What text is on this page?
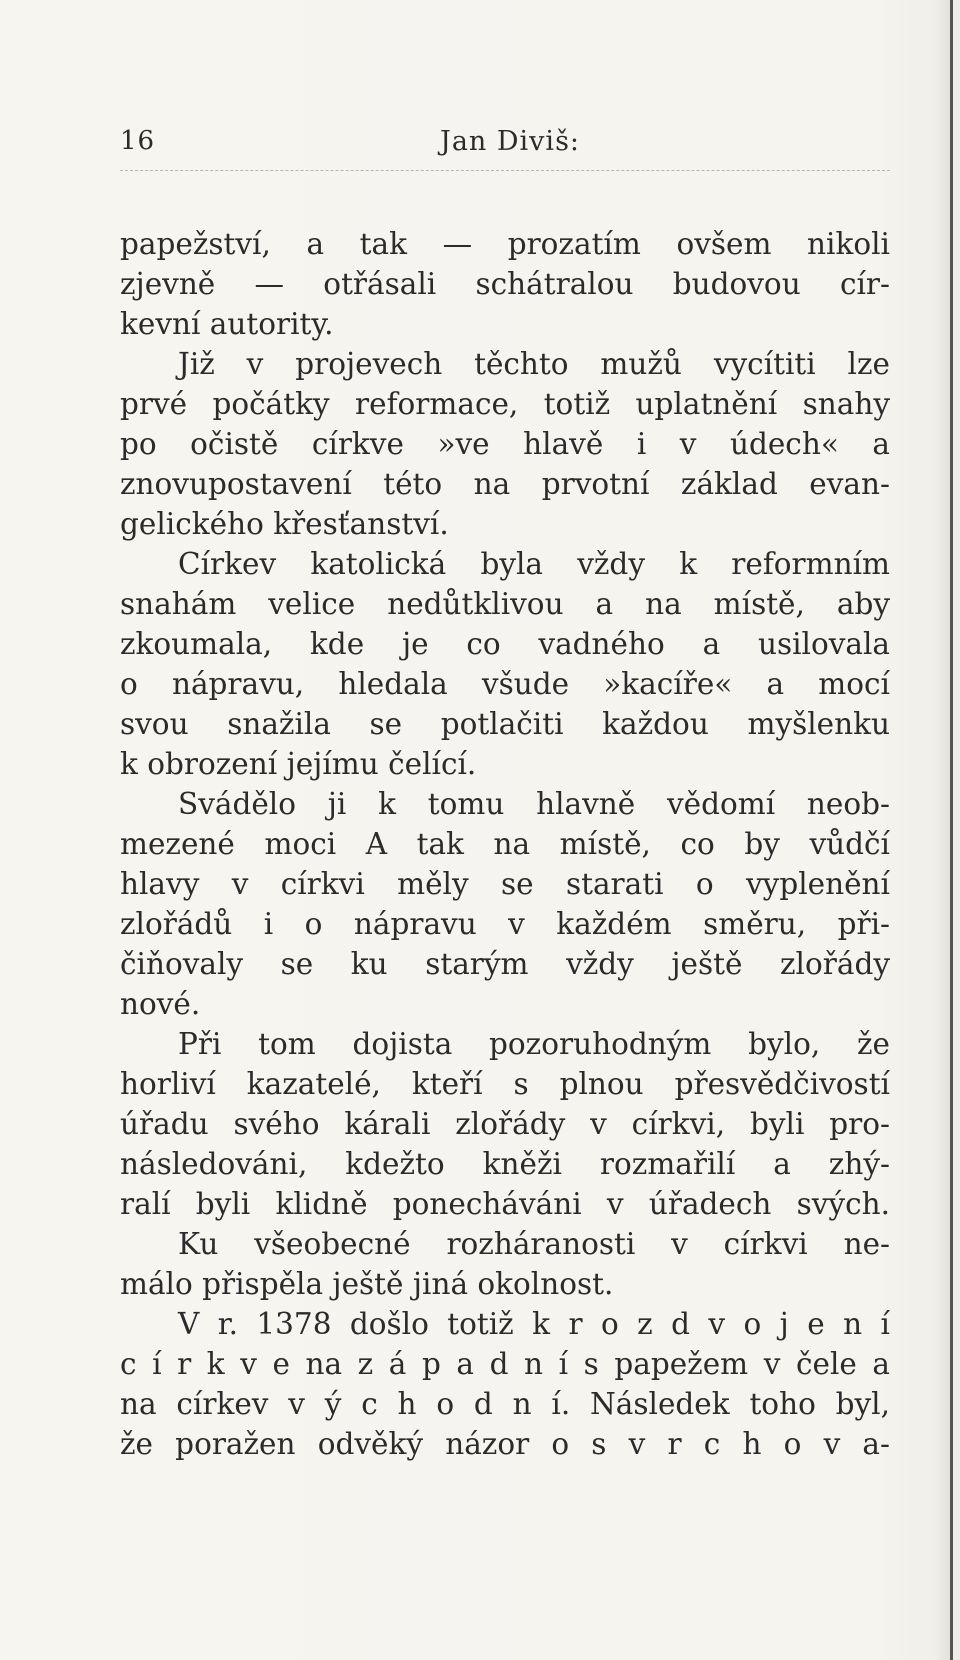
16	Jan Diviš:
papežství, a tak — prozatím ovšem nikoli
zjevně — otřásali schátralou budovou cír-
kevní autority.
Již v projevech těchto mužů vycítiti lze
prvé počátky reformace, totiž uplatnění snahy
po očistě církve »ve hlavě i v údech« a
znovupostavení této na prvotní základ evan-
gelického křesťanství.
Církev katolická byla vždy k reformním
snahám velice nedůtklivou a na místě, aby
zkoumala, kde je co vadného a usilovala
o nápravu, hledala všude »kacíře« a mocí
svou snažila se potlačiti každou myšlenku
k obrození jejímu čelící.
Svádělo ji k tomu hlavně vědomí neob-
mezené moci A tak na místě, co by vůdčí
hlavy v církvi měly se starati o vyplenění
zlořádů i o nápravu v každém směru, při-
čiňovaly se ku starým vždy ještě zlořády
nové.
Při tom dojista pozoruhodným bylo, že
horliví kazatelé, kteří s plnou přesvědčivostí
úřadu svého kárali zlořády v církvi, byli pro-
následováni, kdežto kněži rozmařilí a zhý-
ralí byli klidně ponecháváni v úřadech svých.
Ku všeobecné rozháranosti v církvi ne-
málo přispěla ještě jiná okolnost.
V r. 1378 došlo totiž k r o z d v o j e n í
c í r k v e na z á p a d n í s papežem v čele a
na církev v ý c h o d n í. Následek toho byl,
že poražen odvěký názor o s v r c h o v a-
